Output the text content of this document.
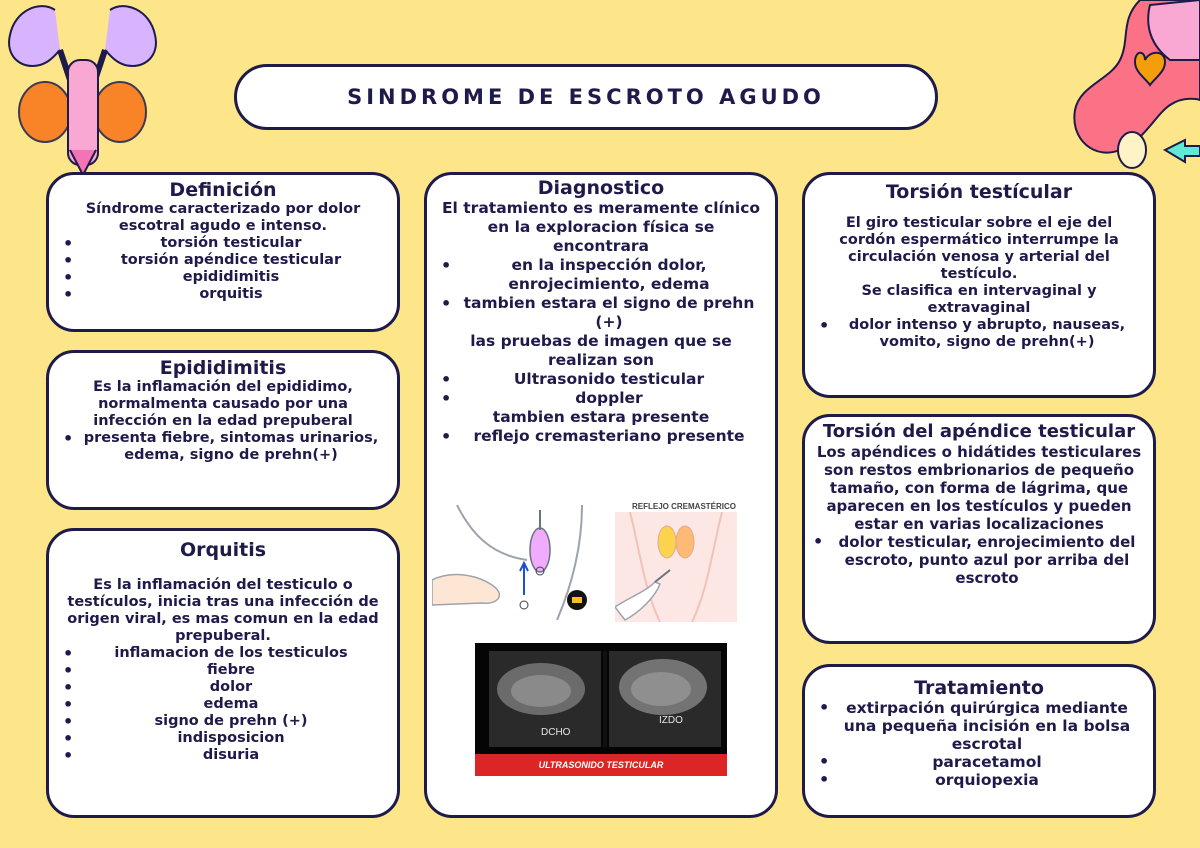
SINDROME DE ESCROTO AGUDO
Definición

Síndrome caracterizado por dolor escotral agudo e intenso.

• torsión testicular
• torsión apéndice testicular
• epididimitis
• orquitis
Epididimitis

Es la inflamación del epididimo, normalmenta causado por una infección en la edad prepuberal

• presenta fiebre, sintomas urinarios, edema, signo de prehn(+)
Orquitis

Es la inflamación del testiculo o testículos, inicia tras una infección de origen viral, es mas comun en la edad prepuberal.

• inflamacion de los testiculos
• fiebre
• dolor
• edema
• signo de prehn (+)
• indisposicion
• disuria
Diagnostico

El tratamiento es meramente clínico

en la exploracion física se encontrara

• en la inspección dolor, enrojecimiento, edema
• tambien estara el signo de prehn (+)

las pruebas de imagen que se realizan son

• Ultrasonido testicular
• doppler

tambien estara presente

• reflejo cremasteriano presente
REFLEJO CREMASTÉRICO
DCHO
IZDO
ULTRASONIDO TESTICULAR
Torsión testícular

El giro testicular sobre el eje del cordón espermático interrumpe la circulación venosa y arterial del testículo.

Se clasifica en intervaginal y extravaginal

• dolor intenso y abrupto, nauseas, vomito, signo de prehn(+)
Torsión del apéndice testicular

Los apéndices o hidátides testiculares son restos embrionarios de pequeño tamaño, con forma de lágrima, que aparecen en los testículos y pueden estar en varias localizaciones

• dolor testicular, enrojecimiento del escroto, punto azul por arriba del escroto
Tratamiento
• extirpación quirúrgica mediante una pequeña incisión en la bolsa escrotal
• paracetamol
• orquiopexia
